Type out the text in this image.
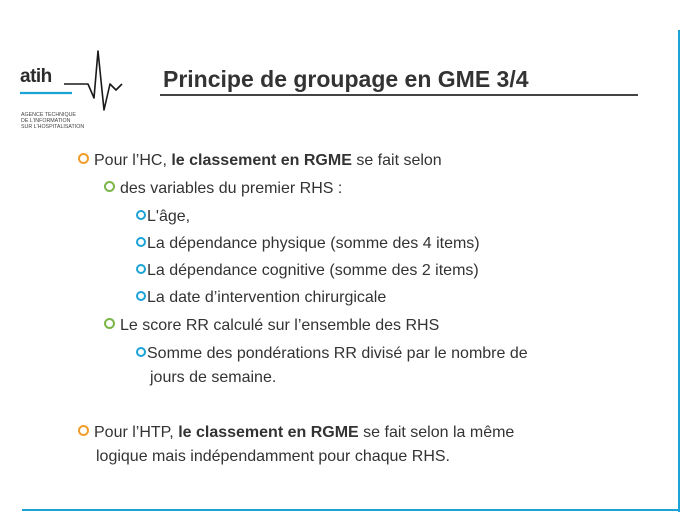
atih
AGENCE TECHNIQUE
DE L'INFORMATION
SUR L'HOSPITALISATION
Principe de groupage en GME 3/4
Pour l’HC, le classement en RGME se fait selon
des variables du premier RHS :
L'âge,
La dépendance physique (somme des 4 items)
La dépendance cognitive (somme des 2 items)
La date d’intervention chirurgicale
Le score RR calculé sur l’ensemble des RHS
Somme des pondérations RR divisé par le nombre de
jours de semaine.
Pour l’HTP, le classement en RGME se fait selon la même
logique mais indépendamment pour chaque RHS.
